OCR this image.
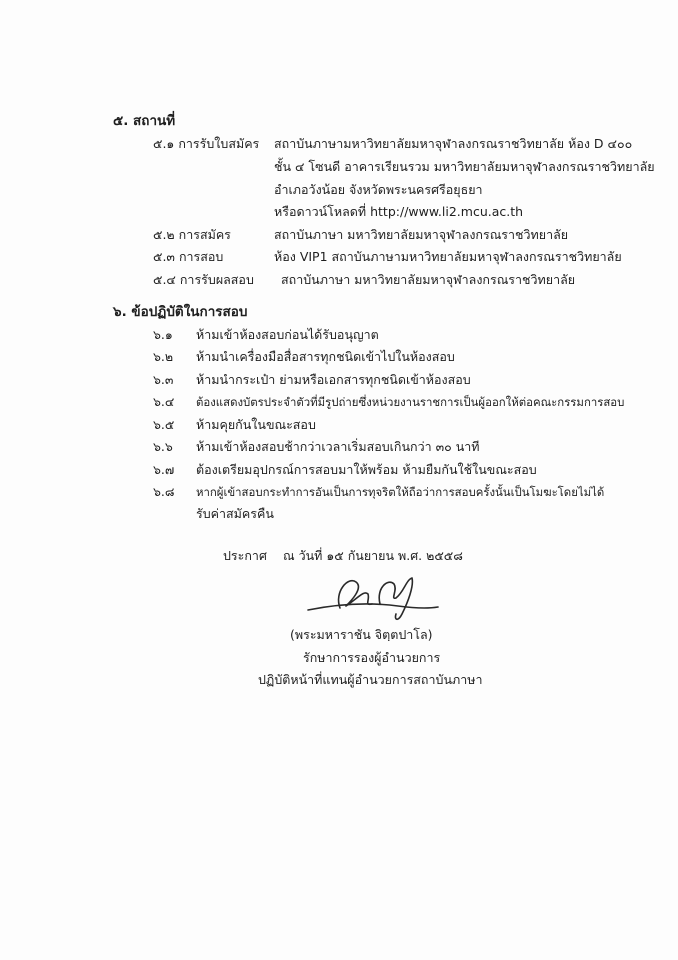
๕. สถานที่
๕.๑ การรับใบสมัคร สถาบันภาษามหาวิทยาลัยมหาจุฬาลงกรณราชวิทยาลัย ห้อง D ๔๐๐
ชั้น ๔ โซนดี อาคารเรียนรวม มหาวิทยาลัยมหาจุฬาลงกรณราชวิทยาลัย
อำเภอวังน้อย จังหวัดพระนครศรีอยุธยา
หรือดาวน์โหลดที่ http://www.li2.mcu.ac.th
๕.๒ การสมัคร	สถาบันภาษา มหาวิทยาลัยมหาจุฬาลงกรณราชวิทยาลัย
๕.๓ การสอบ	ห้อง VIP1 สถาบันภาษามหาวิทยาลัยมหาจุฬาลงกรณราชวิทยาลัย
๕.๔ การรับผลสอบ สถาบันภาษา มหาวิทยาลัยมหาจุฬาลงกรณราชวิทยาลัย
๖. ข้อปฏิบัติในการสอบ
๖.๑ ห้ามเข้าห้องสอบก่อนได้รับอนุญาต
๖.๒ ห้ามนำเครื่องมือสื่อสารทุกชนิดเข้าไปในห้องสอบ
๖.๓ ห้ามนำกระเป๋า ย่ามหรือเอกสารทุกชนิดเข้าห้องสอบ
๖.๔ ต้องแสดงบัตรประจำตัวที่มีรูปถ่ายซึ่งหน่วยงานราชการเป็นผู้ออกให้ต่อคณะกรรมการสอบ
๖.๕ ห้ามคุยกันในขณะสอบ
๖.๖ ห้ามเข้าห้องสอบช้ากว่าเวลาเริ่มสอบเกินกว่า ๓๐ นาที
๖.๗ ต้องเตรียมอุปกรณ์การสอบมาให้พร้อม ห้ามยืมกันใช้ในขณะสอบ
๖.๘ หากผู้เข้าสอบกระทำการอันเป็นการทุจริตให้ถือว่าการสอบครั้งนั้นเป็นโมฆะโดยไม่ได้
รับค่าสมัครคืน
ประกาศ ณ วันที่ ๑๕ กันยายน พ.ศ. ๒๕๕๘
(พระมหาราชัน จิตฺตปาโล)
รักษาการรองผู้อำนวยการ
ปฏิบัติหน้าที่แทนผู้อำนวยการสถาบันภาษา
